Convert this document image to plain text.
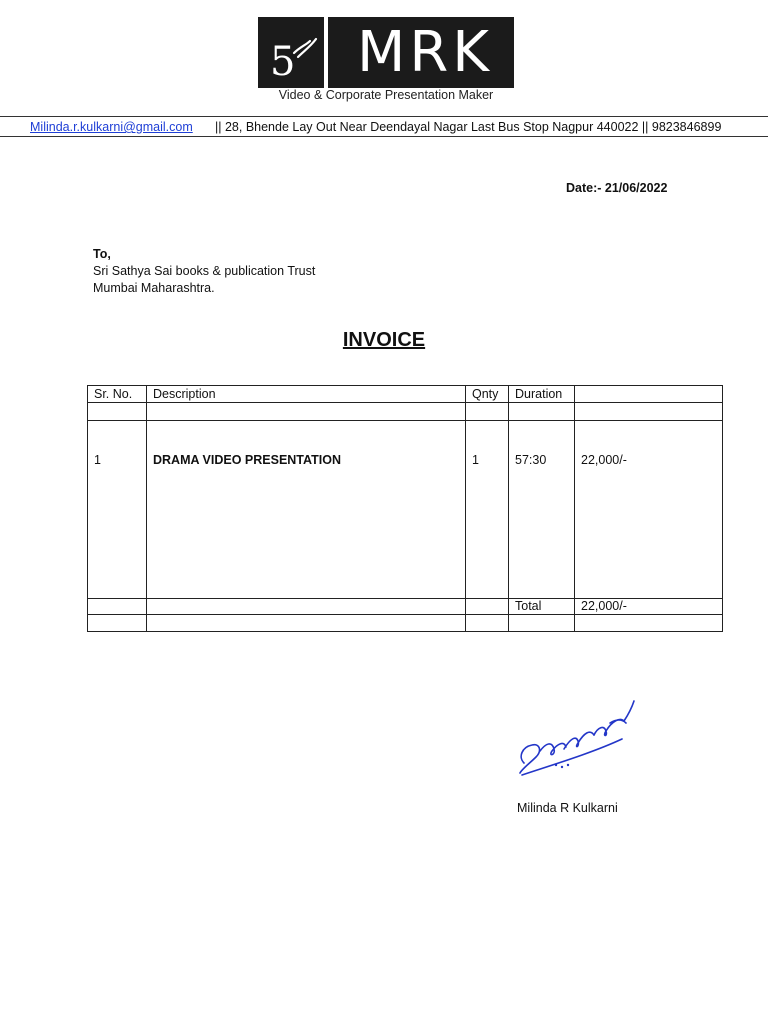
5	MRK
Video & Corporate Presentation Maker
Milinda.r.kulkarni@gmail.com || 28, Bhende Lay Out Near Deendayal Nagar Last Bus Stop Nagpur 440022 || 9823846899
Date:- 21/06/2022
To,
Sri Sathya Sai books & publication Trust
Mumbai Maharashtra.
INVOICE
Sr. No.	Description	Qnty	Duration	

1	DRAMA VIDEO PRESENTATION	1	57:30	22,000/-
			Total	22,000/-

Milinda R Kulkarni
